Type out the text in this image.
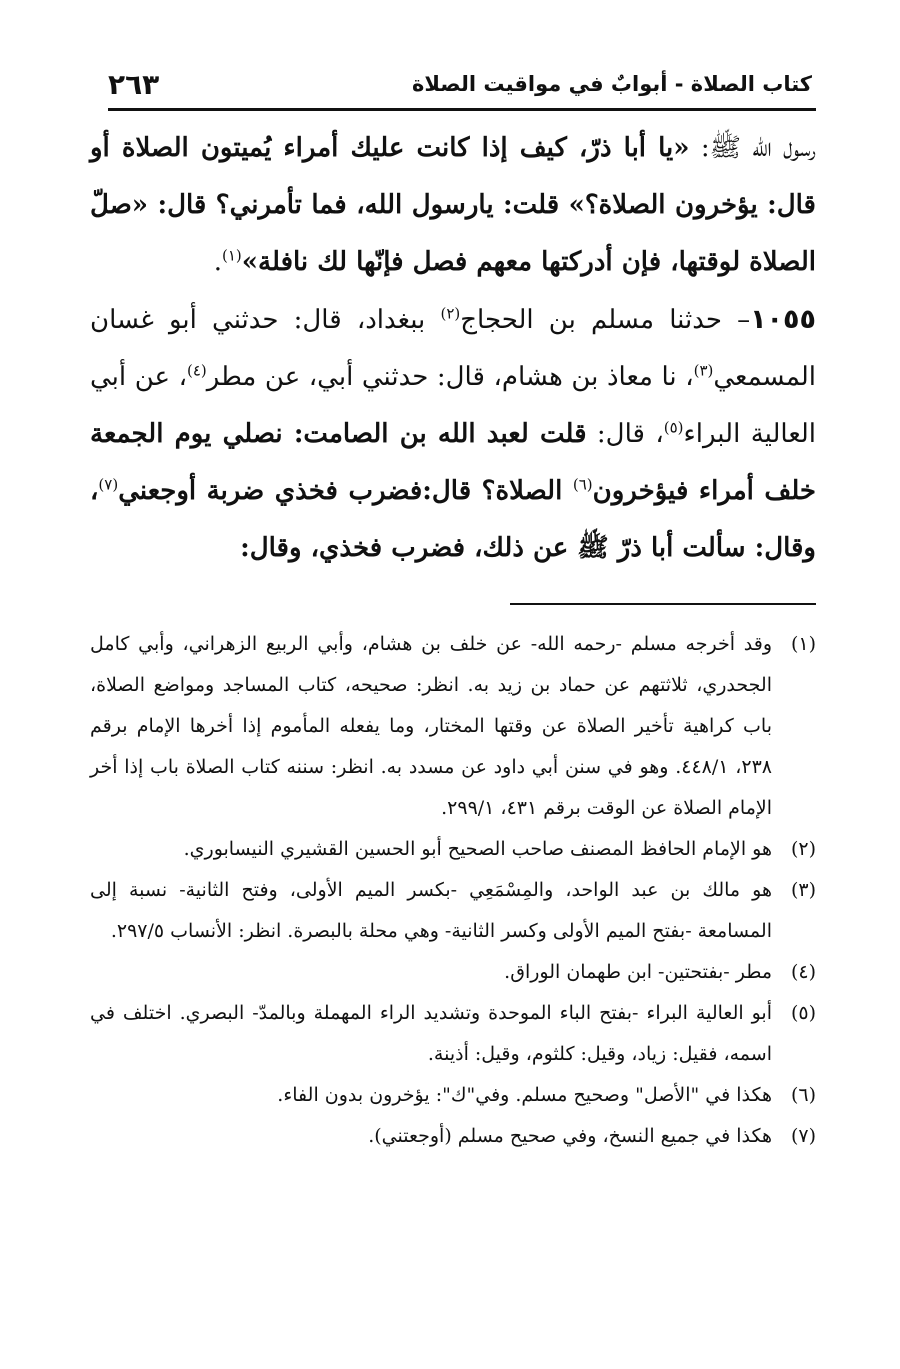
كتاب الصلاة - أبوابٌ في مواقيت الصلاة
٢٦٣

رسول الله ﷺ: «يا أبا ذرّ، كيف إذا كانت عليك أمراء يُميتون الصلاة أو قال: يؤخرون الصلاة؟» قلت: يارسول الله، فما تأمرني؟ قال: «صلّ الصلاة لوقتها، فإن أدركتها معهم فصل فإنّها لك نافلة»$^{(١)}$.

١٠٥٥– حدثنا مسلم بن الحجاج$^{(٢)}$ ببغداد، قال: حدثني أبو غسان المسمعي$^{(٣)}$، نا معاذ بن هشام، قال: حدثني أبي، عن مطر$^{(٤)}$، عن أبي العالية البراء$^{(٥)}$، قال: قلت لعبد الله بن الصامت: نصلي يوم الجمعة خلف أمراء فيؤخرون$^{(٦)}$ الصلاة؟ قال:فضرب فخذي ضربة أوجعني$^{(٧)}$، وقال: سألت أبا ذرّ ﷺ عن ذلك، فضرب فخذي، وقال:

(١)
وقد أخرجه مسلم -رحمه الله- عن خلف بن هشام، وأبي الربيع الزهراني، وأبي كامل الجحدري، ثلاثتهم عن حماد بن زيد به. انظر: صحيحه، كتاب المساجد ومواضع الصلاة، باب كراهية تأخير الصلاة عن وقتها المختار، وما يفعله المأموم إذا أخرها الإمام برقم ٢٣٨، ٤٤٨/١. وهو في سنن أبي داود عن مسدد به. انظر: سننه كتاب الصلاة باب إذا أخر الإمام الصلاة عن الوقت برقم ٤٣١، ٢٩٩/١.

(٢)
هو الإمام الحافظ المصنف صاحب الصحيح أبو الحسين القشيري النيسابوري.

(٣)
هو مالك بن عبد الواحد، والمِسْمَعِي -بكسر الميم الأولى، وفتح الثانية- نسبة إلى المسامعة -بفتح الميم الأولى وكسر الثانية- وهي محلة بالبصرة. انظر: الأنساب ٢٩٧/٥.

(٤)
مطر -بفتحتين- ابن طهمان الوراق.

(٥)
أبو العالية البراء -بفتح الباء الموحدة وتشديد الراء المهملة وبالمدّ- البصري. اختلف في اسمه، فقيل: زياد، وقيل: كلثوم، وقيل: أذينة.

(٦)
هكذا في "الأصل" وصحيح مسلم. وفي"ك": يؤخرون بدون الفاء.

(٧)
هكذا في جميع النسخ، وفي صحيح مسلم (أوجعتني).
